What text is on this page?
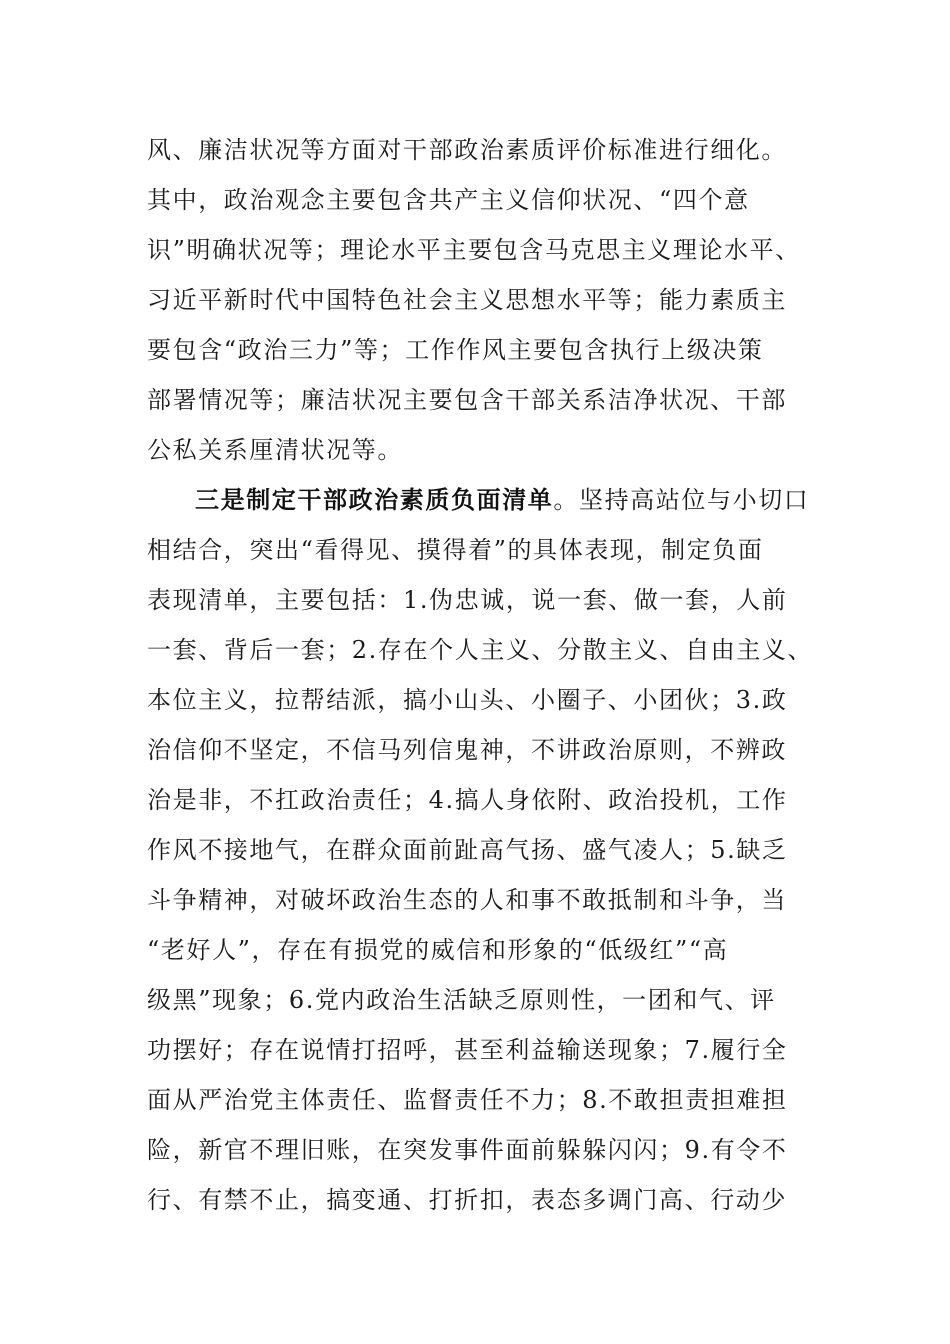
风、廉洁状况等方面对干部政治素质评价标准进行细化。
其中，政治观念主要包含共产主义信仰状况、“四个意
识”明确状况等；理论水平主要包含马克思主义理论水平、
习近平新时代中国特色社会主义思想水平等；能力素质主
要包含“政治三力”等；工作作风主要包含执行上级决策
部署情况等；廉洁状况主要包含干部关系洁净状况、干部
公私关系厘清状况等。
三是制定干部政治素质负面清单。坚持高站位与小切口
相结合，突出“看得见、摸得着”的具体表现，制定负面
表现清单，主要包括：1.伪忠诚，说一套、做一套，人前
一套、背后一套；2.存在个人主义、分散主义、自由主义、
本位主义，拉帮结派，搞小山头、小圈子、小团伙；3.政
治信仰不坚定，不信马列信鬼神，不讲政治原则，不辨政
治是非，不扛政治责任；4.搞人身依附、政治投机，工作
作风不接地气，在群众面前趾高气扬、盛气凌人；5.缺乏
斗争精神，对破坏政治生态的人和事不敢抵制和斗争，当
“老好人”，存在有损党的威信和形象的“低级红”“高
级黑”现象；6.党内政治生活缺乏原则性，一团和气、评
功摆好；存在说情打招呼，甚至利益输送现象；7.履行全
面从严治党主体责任、监督责任不力；8.不敢担责担难担
险，新官不理旧账，在突发事件面前躲躲闪闪；9.有令不
行、有禁不止，搞变通、打折扣，表态多调门高、行动少
